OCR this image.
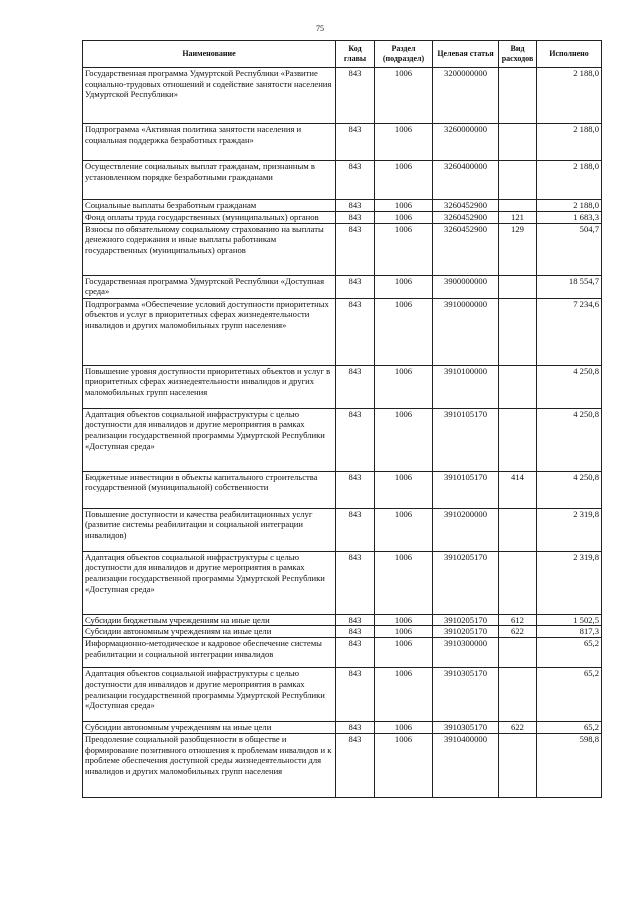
75
Наименование	Код главы	Раздел (подраздел)	Целевая статья	Вид расходов	Исполнено
Государственная программа Удмуртской Республики «Развитие социально-трудовых отношений и содействие занятости населения Удмуртской Республики»	843	1006	3200000000		2 188,0
Подпрограмма «Активная политика занятости населения и социальная поддержка безработных граждан»	843	1006	3260000000		2 188,0
Осуществление социальных выплат гражданам, признанным в установленном порядке безработными гражданами	843	1006	3260400000		2 188,0
Социальные выплаты безработным гражданам	843	1006	3260452900		2 188,0
Фонд оплаты труда государственных (муниципальных) органов	843	1006	3260452900	121	1 683,3
Взносы по обязательному социальному страхованию на выплаты денежного содержания и иные выплаты работникам государственных (муниципальных) органов	843	1006	3260452900	129	504,7
Государственная программа Удмуртской Республики «Доступная среда»	843	1006	3900000000		18 554,7
Подпрограмма «Обеспечение условий доступности приоритетных объектов и услуг в приоритетных сферах жизнедеятельности инвалидов и других маломобильных групп населения»	843	1006	3910000000		7 234,6
Повышение уровня доступности приоритетных объектов и услуг в приоритетных сферах жизнедеятельности инвалидов и других маломобильных групп населения	843	1006	3910100000		4 250,8
Адаптация объектов социальной инфраструктуры с целью доступности для инвалидов и другие мероприятия в рамках реализации государственной программы Удмуртской Республики «Доступная среда»	843	1006	3910105170		4 250,8
Бюджетные инвестиции в объекты капитального строительства государственной (муниципальной) собственности	843	1006	3910105170	414	4 250,8
Повышение доступности и качества реабилитационных услуг (развитие системы реабилитации и социальной интеграции инвалидов)	843	1006	3910200000		2 319,8
Адаптация объектов социальной инфраструктуры с целью доступности для инвалидов и другие мероприятия в рамках реализации государственной программы Удмуртской Республики «Доступная среда»	843	1006	3910205170		2 319,8
Субсидии бюджетным учреждениям на иные цели	843	1006	3910205170	612	1 502,5
Субсидии автономным учреждениям на иные цели	843	1006	3910205170	622	817,3
Информационно-методическое и кадровое обеспечение системы реабилитации и социальной интеграции инвалидов	843	1006	3910300000		65,2
Адаптация объектов социальной инфраструктуры с целью доступности для инвалидов и другие мероприятия в рамках реализации государственной программы Удмуртской Республики «Доступная среда»	843	1006	3910305170		65,2
Субсидии автономным учреждениям на иные цели	843	1006	3910305170	622	65,2
Преодоление социальной разобщенности в обществе и формирование позитивного отношения к проблемам инвалидов и к проблеме обеспечения доступной среды жизнедеятельности для инвалидов и других маломобильных групп населения	843	1006	3910400000		598,8
